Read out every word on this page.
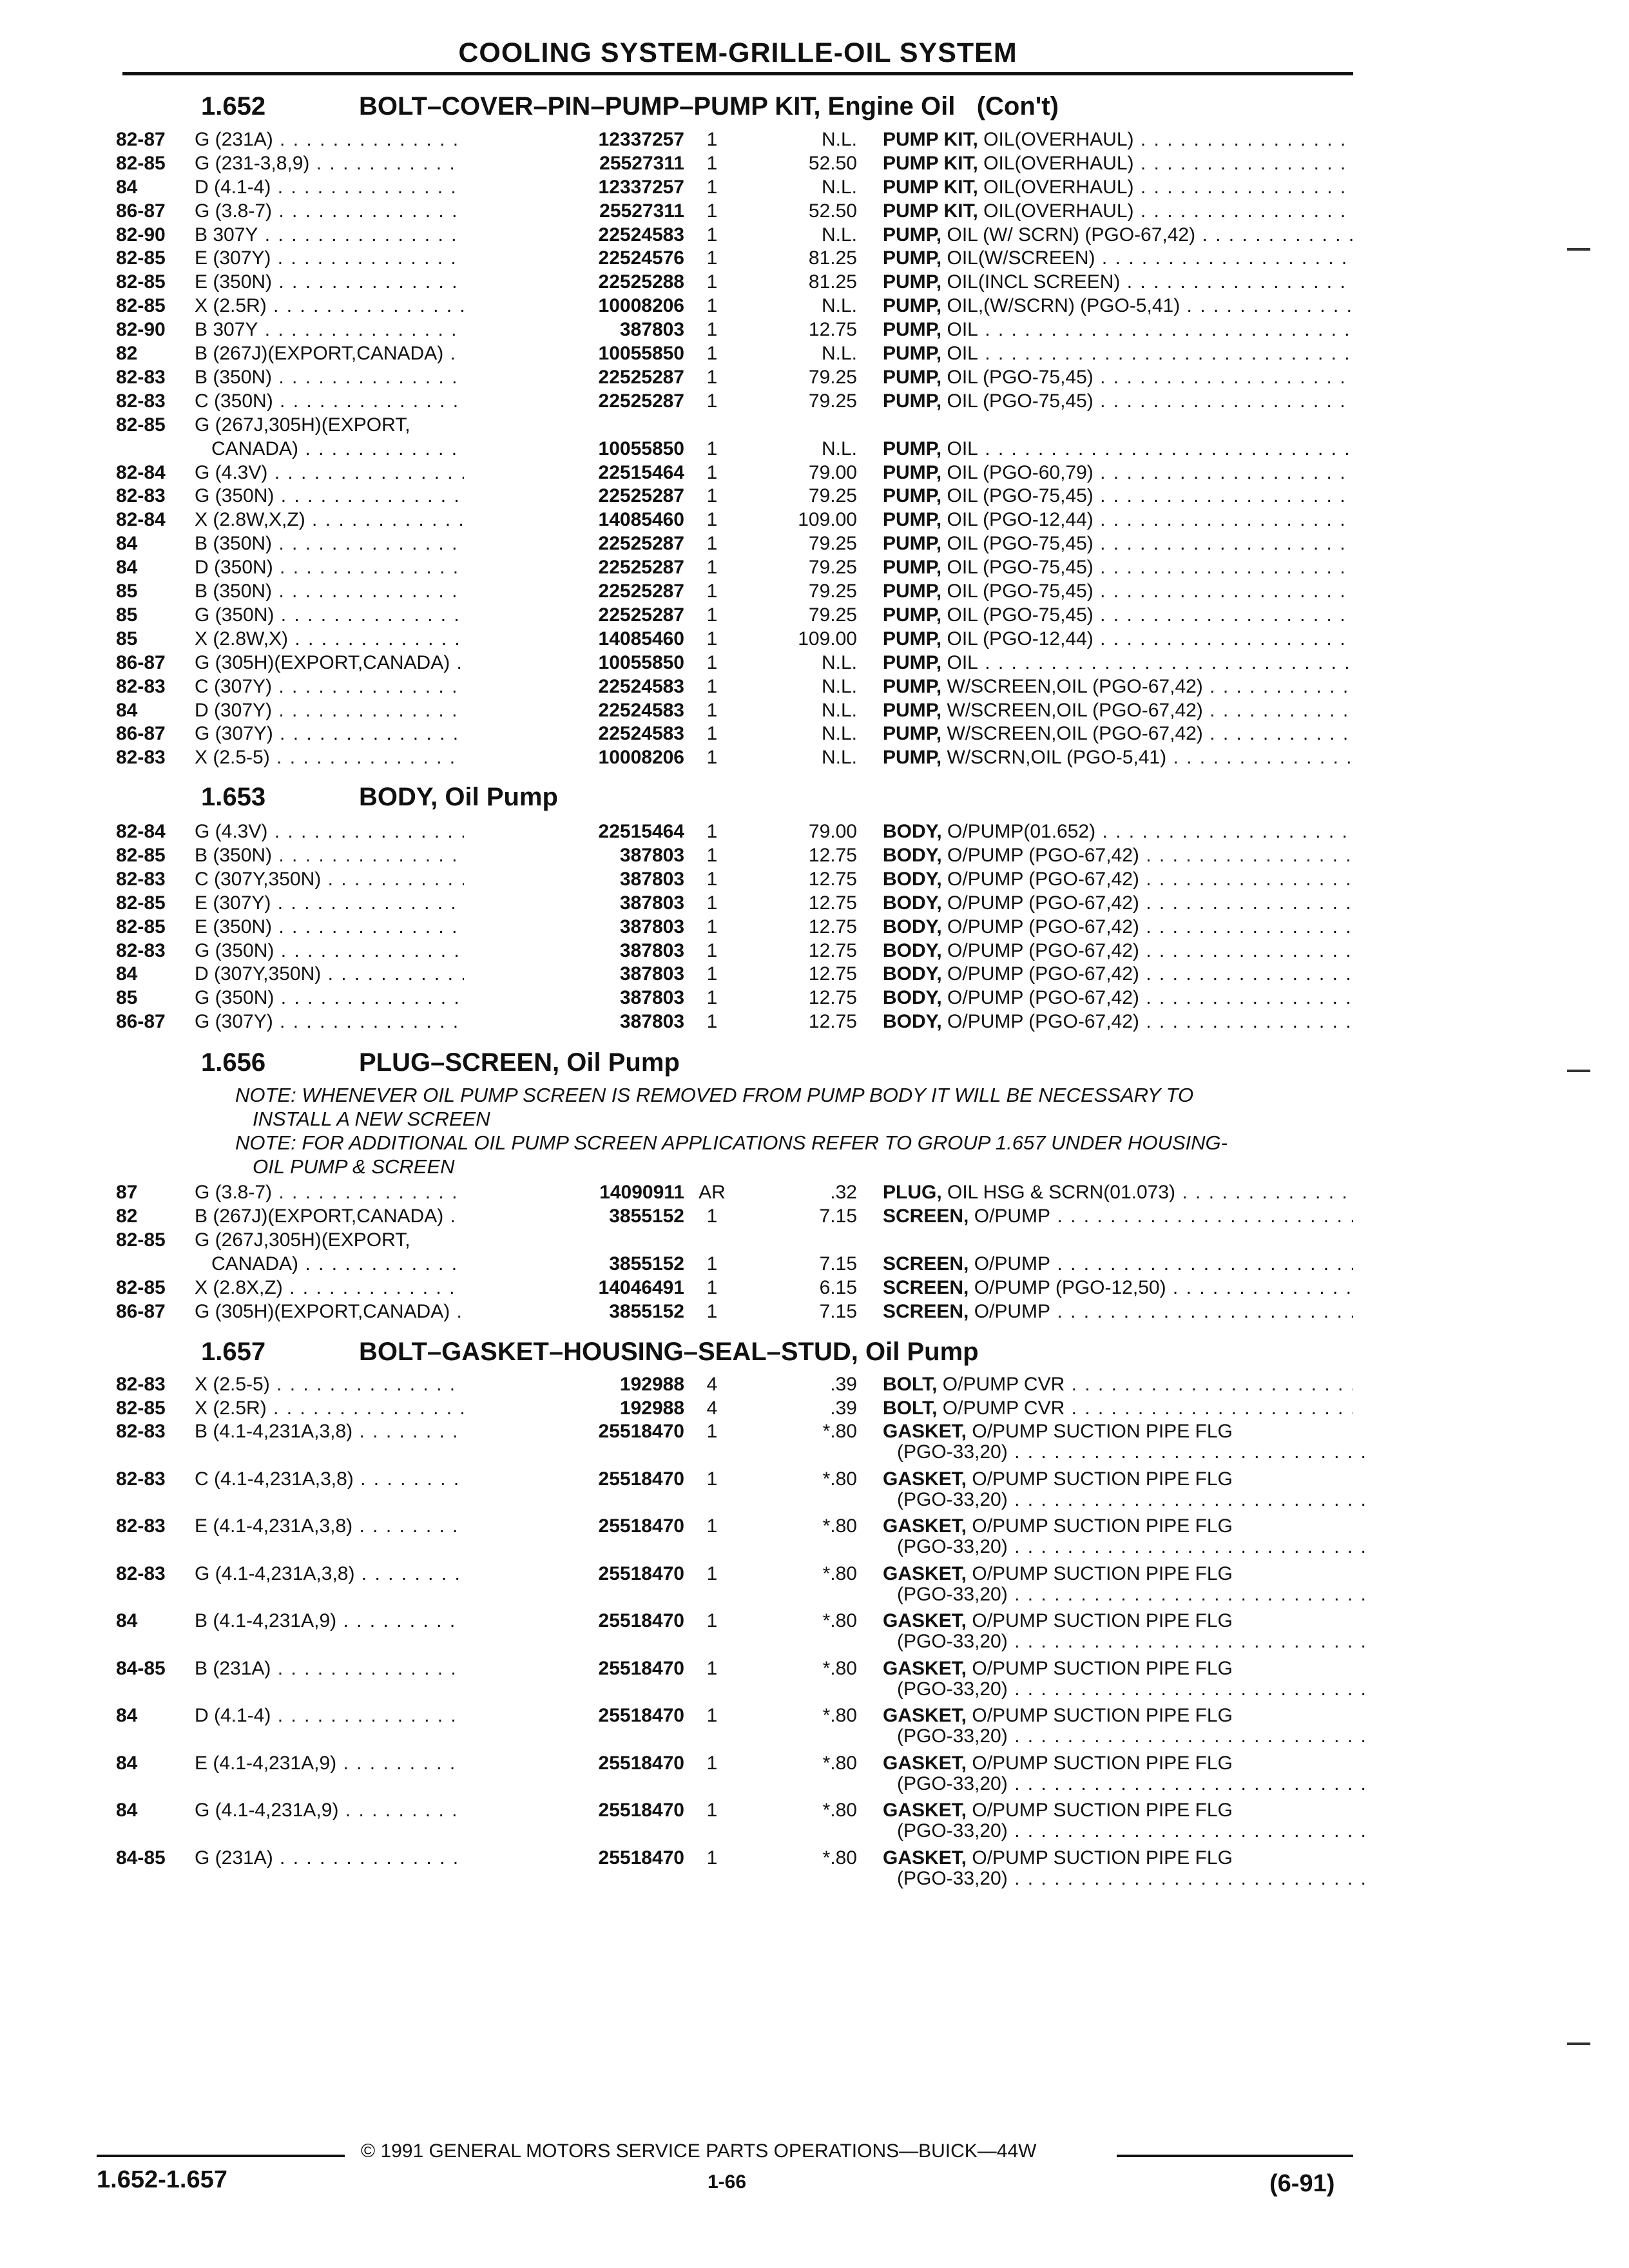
COOLING SYSTEM-GRILLE-OIL SYSTEM
1.652	BOLT–COVER–PIN–PUMP–PUMP KIT, Engine Oil   (Con't)
82-87	G (231A) . . .	12337257	1	N.L. PUMP KIT, OIL(OVERHAUL) . . .
82-85	G (231-3,8,9) . . .	25527311	1	52.50 PUMP KIT, OIL(OVERHAUL) . . .
84	D (4.1-4) . . .	12337257	1	N.L. PUMP KIT, OIL(OVERHAUL) . . .
86-87	G (3.8-7) . . .	25527311	1	52.50 PUMP KIT, OIL(OVERHAUL) . . .
82-90	B 307Y . . .	22524583	1	N.L. PUMP, OIL (W/ SCRN) (PGO-67,42) . . .
82-85	E (307Y) . . .	22524576	1	81.25 PUMP, OIL(W/SCREEN) . . .
82-85	E (350N) . . .	22525288	1	81.25 PUMP, OIL(INCL SCREEN) . . .
82-85	X (2.5R) . . .	10008206	1	N.L. PUMP, OIL,(W/SCRN) (PGO-5,41) . . .
82-90	B 307Y . . .	387803	1	12.75 PUMP, OIL . . .
82	B (267J)(EXPORT,CANADA) . . .	10055850	1	N.L. PUMP, OIL . . .
82-83	B (350N) . . .	22525287	1	79.25 PUMP, OIL (PGO-75,45) . . .
82-83	C (350N) . . .	22525287	1	79.25 PUMP, OIL (PGO-75,45) . . .
82-85	G (267J,305H)(EXPORT,
CANADA) . . .	10055850	1	N.L. PUMP, OIL . . .
82-84	G (4.3V) . . .	22515464	1	79.00 PUMP, OIL (PGO-60,79) . . .
82-83	G (350N) . . .	22525287	1	79.25 PUMP, OIL (PGO-75,45) . . .
82-84	X (2.8W,X,Z) . . .	14085460	1	109.00 PUMP, OIL (PGO-12,44) . . .
84	B (350N) . . .	22525287	1	79.25 PUMP, OIL (PGO-75,45) . . .
84	D (350N) . . .	22525287	1	79.25 PUMP, OIL (PGO-75,45) . . .
85	B (350N) . . .	22525287	1	79.25 PUMP, OIL (PGO-75,45) . . .
85	G (350N) . . .	22525287	1	79.25 PUMP, OIL (PGO-75,45) . . .
85	X (2.8W,X) . . .	14085460	1	109.00 PUMP, OIL (PGO-12,44) . . .
86-87	G (305H)(EXPORT,CANADA) . . .	10055850	1	N.L. PUMP, OIL . . .
82-83	C (307Y) . . .	22524583	1	N.L. PUMP, W/SCREEN,OIL (PGO-67,42) . . .
84	D (307Y) . . .	22524583	1	N.L. PUMP, W/SCREEN,OIL (PGO-67,42) . . .
86-87	G (307Y) . . .	22524583	1	N.L. PUMP, W/SCREEN,OIL (PGO-67,42) . . .
82-83	X (2.5-5) . . .	10008206	1	N.L. PUMP, W/SCRN,OIL (PGO-5,41) . . .
1.653	BODY, Oil Pump
82-84	G (4.3V) . . .	22515464	1	79.00 BODY, O/PUMP(01.652) . . .
82-85	B (350N) . . .	387803	1	12.75 BODY, O/PUMP (PGO-67,42) . . .
82-83	C (307Y,350N) . . .	387803	1	12.75 BODY, O/PUMP (PGO-67,42) . . .
82-85	E (307Y) . . .	387803	1	12.75 BODY, O/PUMP (PGO-67,42) . . .
82-85	E (350N) . . .	387803	1	12.75 BODY, O/PUMP (PGO-67,42) . . .
82-83	G (350N) . . .	387803	1	12.75 BODY, O/PUMP (PGO-67,42) . . .
84	D (307Y,350N) . . .	387803	1	12.75 BODY, O/PUMP (PGO-67,42) . . .
85	G (350N) . . .	387803	1	12.75 BODY, O/PUMP (PGO-67,42) . . .
86-87	G (307Y) . . .	387803	1	12.75 BODY, O/PUMP (PGO-67,42) . . .
1.656	PLUG–SCREEN, Oil Pump
NOTE: WHENEVER OIL PUMP SCREEN IS REMOVED FROM PUMP BODY IT WILL BE NECESSARY TO
INSTALL A NEW SCREEN
NOTE: FOR ADDITIONAL OIL PUMP SCREEN APPLICATIONS REFER TO GROUP 1.657 UNDER HOUSING-
OIL PUMP & SCREEN
87	G (3.8-7) . . .	14090911 AR	.32 PLUG, OIL HSG & SCRN(01.073) . . .
82	B (267J)(EXPORT,CANADA) . . .	3855152	1	7.15 SCREEN, O/PUMP . . .
82-85	G (267J,305H)(EXPORT,
CANADA) . . .	3855152	1	7.15 SCREEN, O/PUMP . . .
82-85	X (2.8X,Z) . . .	14046491	1	6.15 SCREEN, O/PUMP (PGO-12,50) . . .
86-87	G (305H)(EXPORT,CANADA) . . .	3855152	1	7.15 SCREEN, O/PUMP . . .
1.657	BOLT–GASKET–HOUSING–SEAL–STUD, Oil Pump
82-83	X (2.5-5) . . .	192988	4	.39 BOLT, O/PUMP CVR . . .
82-85	X (2.5R) . . .	192988	4	.39 BOLT, O/PUMP CVR . . .
82-83	B (4.1-4,231A,3,8) . . .	25518470	1	*.80 GASKET, O/PUMP SUCTION PIPE FLG
(PGO-33,20) . . .
82-83	C (4.1-4,231A,3,8) . . .	25518470	1	*.80 GASKET, O/PUMP SUCTION PIPE FLG
(PGO-33,20) . . .
82-83	E (4.1-4,231A,3,8) . . .	25518470	1	*.80 GASKET, O/PUMP SUCTION PIPE FLG
(PGO-33,20) . . .
82-83	G (4.1-4,231A,3,8) . . .	25518470	1	*.80 GASKET, O/PUMP SUCTION PIPE FLG
(PGO-33,20) . . .
84	B (4.1-4,231A,9) . . .	25518470	1	*.80 GASKET, O/PUMP SUCTION PIPE FLG
(PGO-33,20) . . .
84-85	B (231A) . . .	25518470	1	*.80 GASKET, O/PUMP SUCTION PIPE FLG
(PGO-33,20) . . .
84	D (4.1-4) . . .	25518470	1	*.80 GASKET, O/PUMP SUCTION PIPE FLG
(PGO-33,20) . . .
84	E (4.1-4,231A,9) . . .	25518470	1	*.80 GASKET, O/PUMP SUCTION PIPE FLG
(PGO-33,20) . . .
84	G (4.1-4,231A,9) . . .	25518470	1	*.80 GASKET, O/PUMP SUCTION PIPE FLG
(PGO-33,20) . . .
84-85	G (231A) . . .	25518470	1	*.80 GASKET, O/PUMP SUCTION PIPE FLG
(PGO-33,20) . . .
© 1991 GENERAL MOTORS SERVICE PARTS OPERATIONS—BUICK—44W
1.652-1.657	1-66	(6-91)
